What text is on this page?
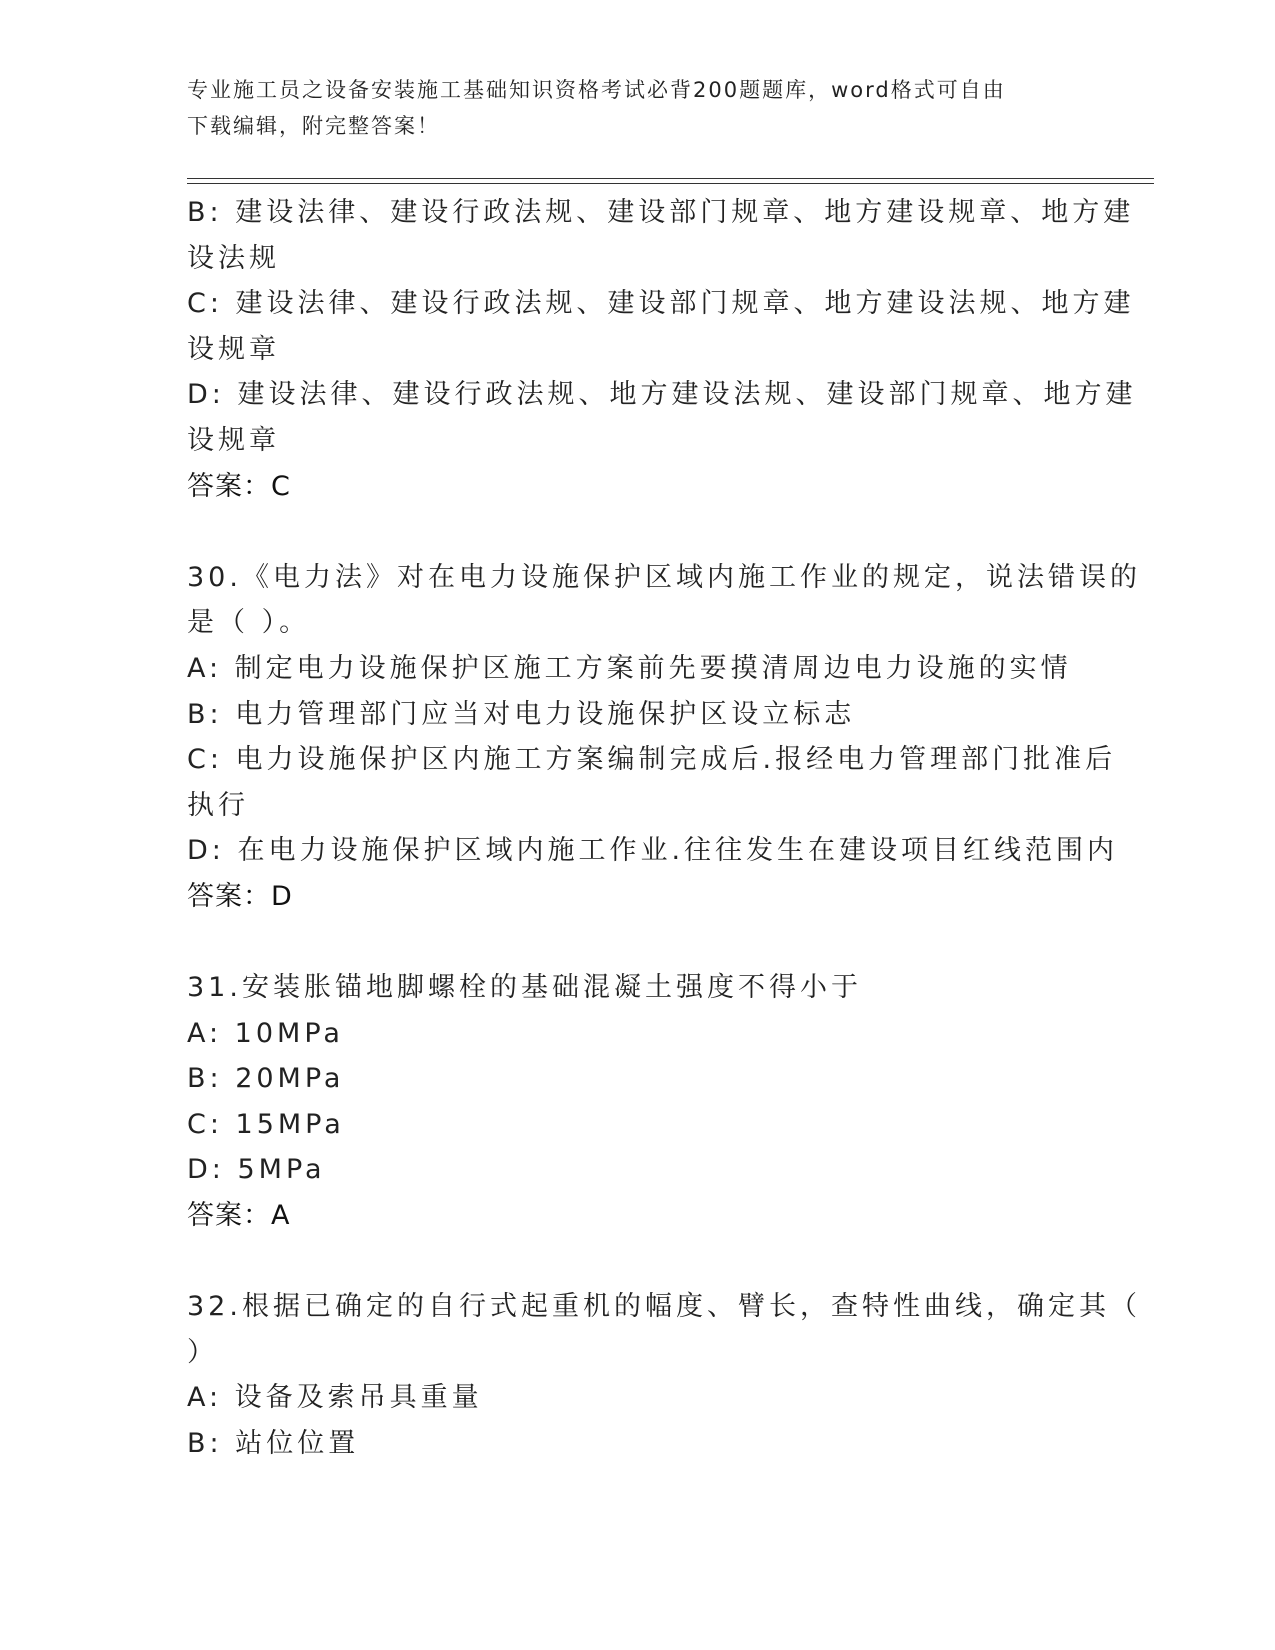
专业施工员之设备安装施工基础知识资格考试必背200题题库，word格式可自由
下载编辑，附完整答案！
B: 建设法律、建设行政法规、建设部门规章、地方建设规章、地方建
设法规
C: 建设法律、建设行政法规、建设部门规章、地方建设法规、地方建
设规章
D: 建设法律、建设行政法规、地方建设法规、建设部门规章、地方建
设规章
答案：C
30.《电力法》对在电力设施保护区域内施工作业的规定，说法错误的
是（ ）。
A: 制定电力设施保护区施工方案前先要摸清周边电力设施的实情
B: 电力管理部门应当对电力设施保护区设立标志
C: 电力设施保护区内施工方案编制完成后.报经电力管理部门批准后
执行
D: 在电力设施保护区域内施工作业.往往发生在建设项目红线范围内
答案：D
31.安装胀锚地脚螺栓的基础混凝土强度不得小于
A: 10MPa
B: 20MPa
C: 15MPa
D: 5MPa
答案：A
32.根据已确定的自行式起重机的幅度、臂长，查特性曲线，确定其（
）
A: 设备及索吊具重量
B: 站位位置
